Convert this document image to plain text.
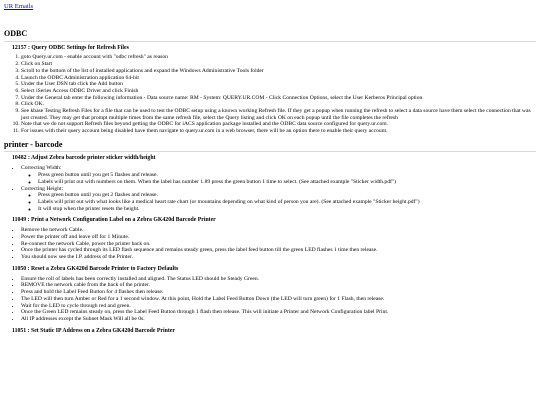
UR Emails
ODBC
12157 : Query ODBC Settings for Refresh Files
1. goto Query.ur.com - enable account with "odbc refresh" as reason
2. Click on Start
3. Scroll to the bottom of the list of installed applications and expand the Windows Administrative Tools folder
4. Launch the ODBC Administration application 64-bit
5. Under the User DSN tab click the Add button
6. Select iSeries Access ODBC Driver and click Finish
7. Under the General tab enter the following information - Data source name: RM - System: QUERY.UR.COM - Click Connection Options, select the User Kerberos Principal option
8. Click OK.
9. See kbase Testing Refresh Files for a file that can be used to test the ODBC setup using a known working Refresh file. If they get a popup when running the refresh to select a data source have them select the connection that was just created. They may get that prompt multiple times from the same refresh file, select the Query listing and click OK on each popup until the file completes the refresh
10. Note that we do not support Refresh files beyond getting the ODBC for iACS application package installed and the ODBC data source configured for query.ur.com.
11. For issues with their query account being disabled have them navigate to query.ur.com in a web browser, there will be an option there to enable their query account.
printer - barcode
10482 : Adjust Zebra barcode printer sticker width/height
• Correcting Width:
◦ Press green button until you get 5 flashes and release.
◦ Labels will print out with numbers on them. When the label has number 1.89 press the green button 1 time to select. (See attached example "Sticker width.pdf")
• Correcting Height:
◦ Press green button until you get 2 flashes and release.
◦ Labels will print out with what looks like a medical heart rate chart (or mountains depending on what kind of person you are). (See attached example "Sticker height.pdf")
◦ It will stop when the printer resets the height.
11049 : Print a Network Configuration Label on a Zebra GK420d Barcode Printer
• Remove the network Cable.
• Power the printer off and leave off for 1 Minute.
• Re-connect the network Cable, power the printer back on.
• Once the printer has cycled through its LED flash sequence and remains steady green, press the label feed button till the green LED flashes 1 time then release.
• You should now see the I.P. address of the Printer.
11050 : Reset a Zebra GK420d Barcode Printer to Factory Defaults
• Ensure the roll of labels has been correctly installed and aligned. The Status LED should be Steady Green.
• REMOVE the network cable from the back of the printer.
• Press and hold the Label Feed Button for 4 flashes then release.
• The LED will then turn Amber or Red for a 1 second window. At this point, Hold the Label Feed Button Down (the LED will turn green) for 1 Flash, then release.
• Wait for the LED to cycle through red and green.
• Once the Green LED remains steady on, press the Label Feed Button through 1 flash then release. This will initiate a Printer and Network Configuration label Print.
• All IP addresses except the Subnet Mask Will all be 0s.
11051 : Set Static IP Address on a Zebra GK420d Barcode Printer
